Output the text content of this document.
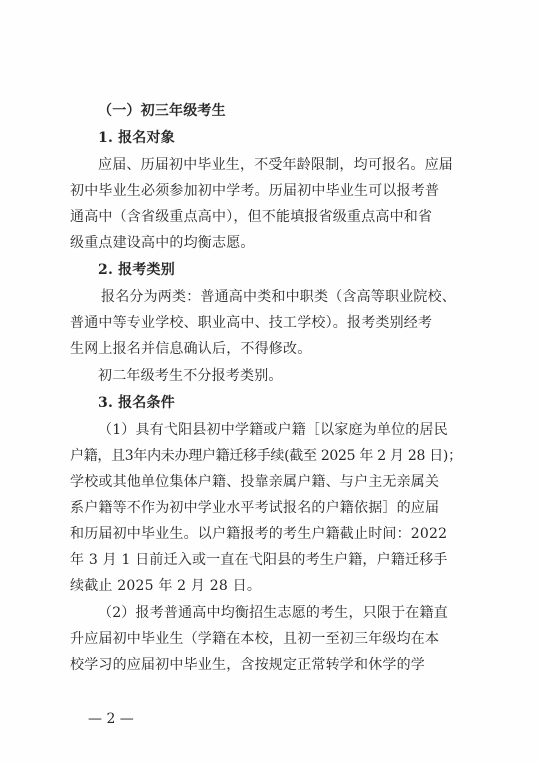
（一）初三年级考生
1. 报名对象
应届、历届初中毕业生，不受年龄限制，均可报名。应届
初中毕业生必须参加初中学考。历届初中毕业生可以报考普
通高中（含省级重点高中），但不能填报省级重点高中和省
级重点建设高中的均衡志愿。
2. 报考类别
报名分为两类：普通高中类和中职类（含高等职业院校、
普通中等专业学校、职业高中、技工学校）。报考类别经考
生网上报名并信息确认后，不得修改。
初二年级考生不分报考类别。
3. 报名条件
（1）具有弋阳县初中学籍或户籍［以家庭为单位的居民
户籍，且3年内未办理户籍迁移手续(截至 2025 年 2 月 28 日)；
学校或其他单位集体户籍、投靠亲属户籍、与户主无亲属关
系户籍等不作为初中学业水平考试报名的户籍依据］的应届
和历届初中毕业生。以户籍报考的考生户籍截止时间：2022
年 3 月 1 日前迁入或一直在弋阳县的考生户籍，户籍迁移手
续截止 2025 年 2 月 28 日。
（2）报考普通高中均衡招生志愿的考生，只限于在籍直
升应届初中毕业生（学籍在本校，且初一至初三年级均在本
校学习的应届初中毕业生，含按规定正常转学和休学的学
— 2 —
